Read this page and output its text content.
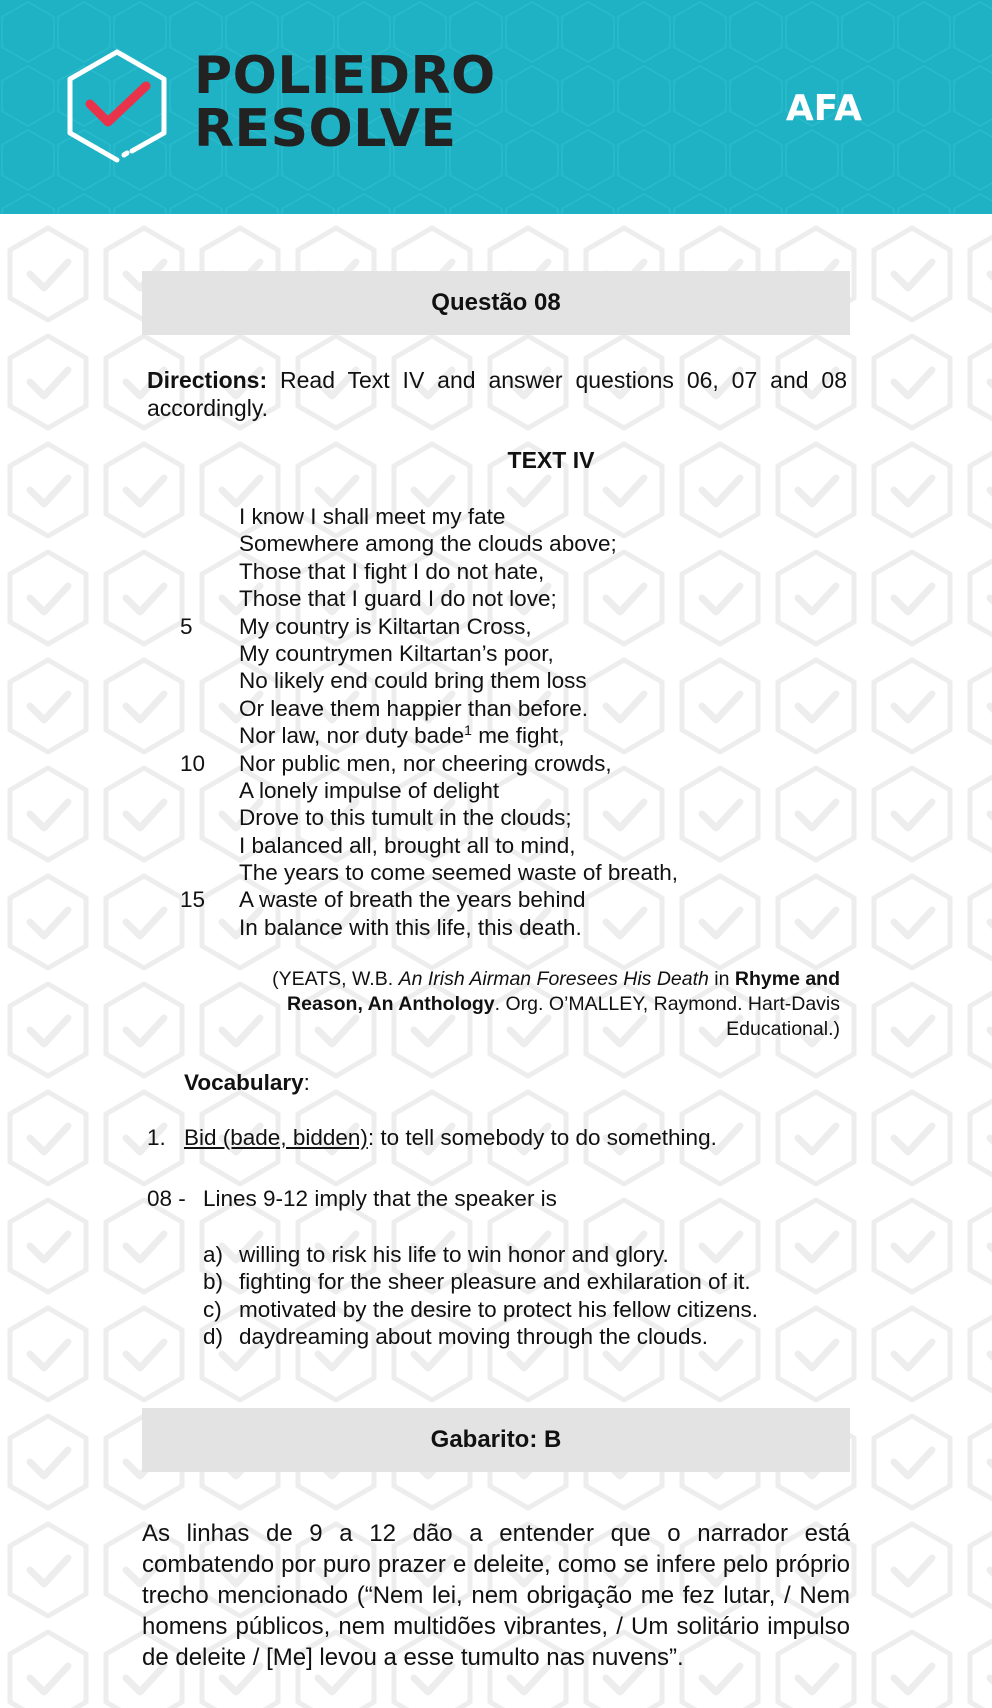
POLIEDRO
RESOLVE	AFA
Questão 08
Directions: Read Text IV and answer questions 06, 07 and 08 accordingly.
TEXT IV
I know I shall meet my fate
Somewhere among the clouds above;
Those that I fight I do not hate,
Those that I guard I do not love;
5	My country is Kiltartan Cross,
My countrymen Kiltartan’s poor,
No likely end could bring them loss
Or leave them happier than before.
Nor law, nor duty bade$^1$ me fight,
10	Nor public men, nor cheering crowds,
A lonely impulse of delight
Drove to this tumult in the clouds;
I balanced all, brought all to mind,
The years to come seemed waste of breath,
15	A waste of breath the years behind
In balance with this life, this death.
(YEATS, W.B. An Irish Airman Foresees His Death in Rhyme and Reason, An Anthology. Org. O’MALLEY, Raymond. Hart-Davis Educational.)
Vocabulary:
1. Bid (bade, bidden): to tell somebody to do something.
08 - Lines 9-12 imply that the speaker is
a) willing to risk his life to win honor and glory.
b) fighting for the sheer pleasure and exhilaration of it.
c) motivated by the desire to protect his fellow citizens.
d) daydreaming about moving through the clouds.
Gabarito: B
As linhas de 9 a 12 dão a entender que o narrador está combatendo por puro prazer e deleite, como se infere pelo próprio trecho mencionado (“Nem lei, nem obrigação me fez lutar, / Nem homens públicos, nem multidões vibrantes, / Um solitário impulso de deleite / [Me] levou a esse tumulto nas nuvens”.
